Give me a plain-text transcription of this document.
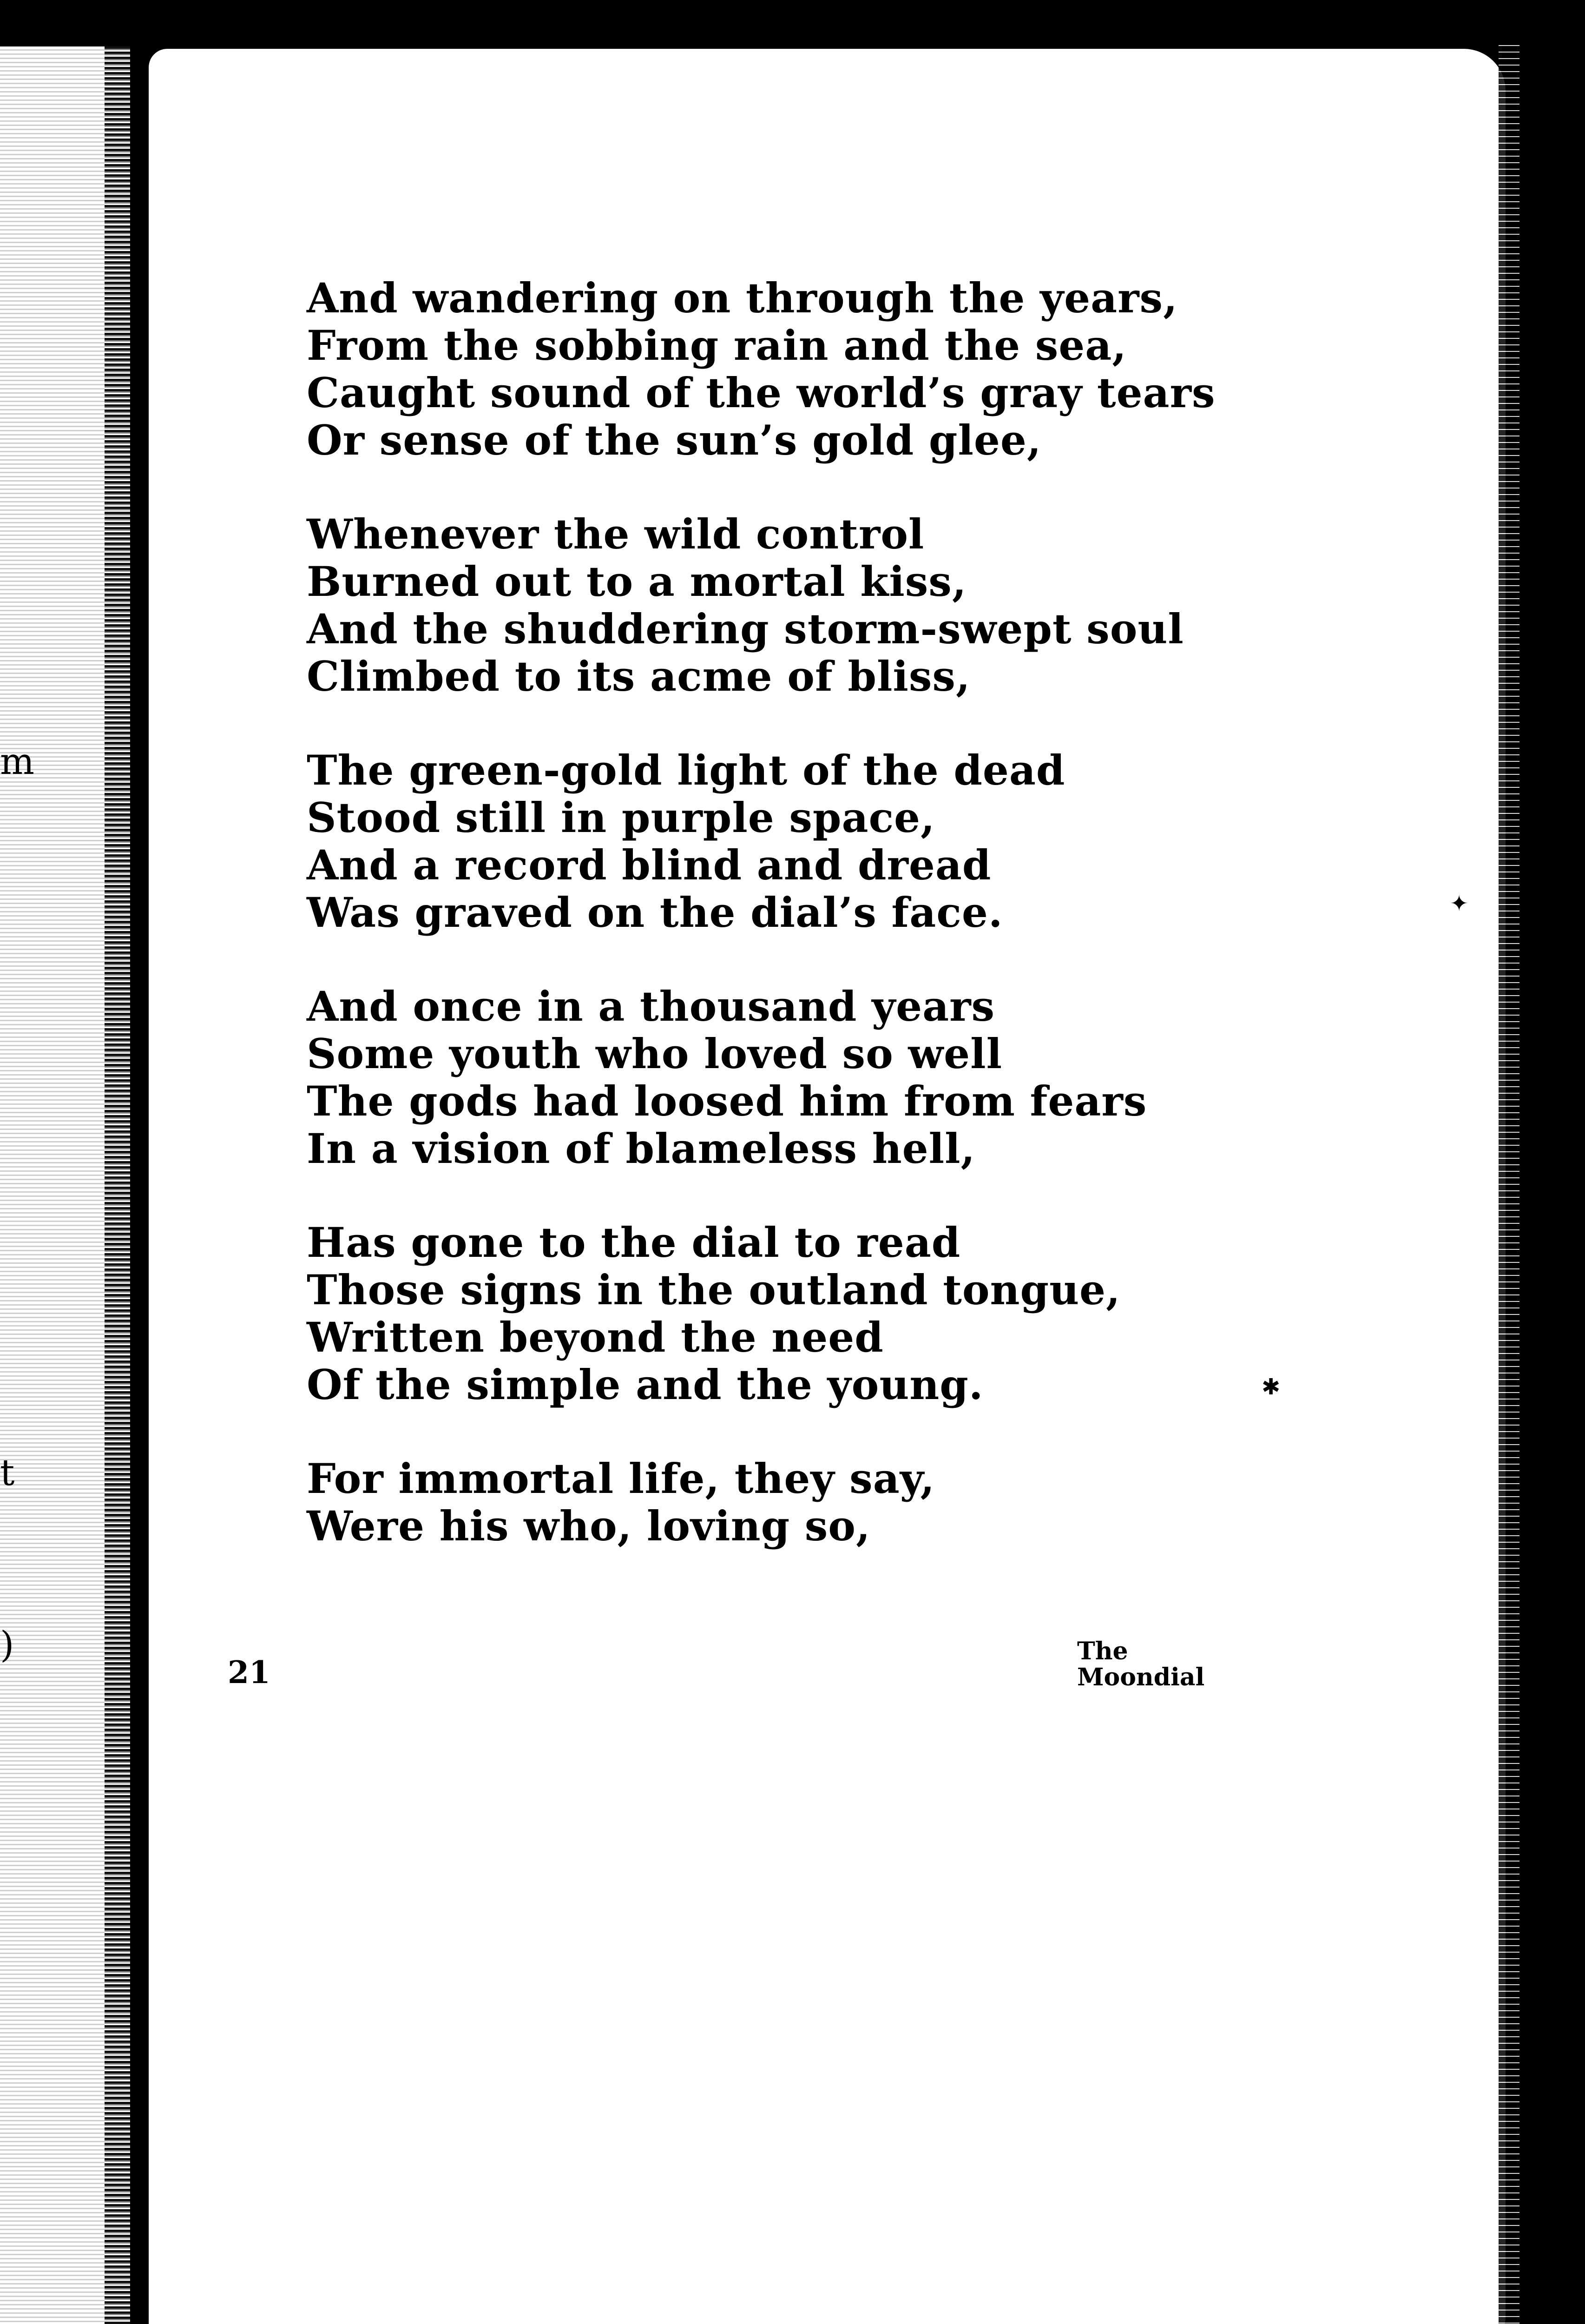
m
t
)
And wandering on through the years,
From the sobbing rain and the sea,
Caught sound of the world’s gray tears
Or sense of the sun’s gold glee,
Whenever the wild control
Burned out to a mortal kiss,
And the shuddering storm-swept soul
Climbed to its acme of bliss,
The green-gold light of the dead
Stood still in purple space,
And a record blind and dread
Was graved on the dial’s face.
And once in a thousand years
Some youth who loved so well
The gods had loosed him from fears
In a vision of blameless hell,
Has gone to the dial to read
Those signs in the outland tongue,
Written beyond the need
Of the simple and the young.
For immortal life, they say,
Were his who, loving so,
21
The
Moondial
✦
✱
